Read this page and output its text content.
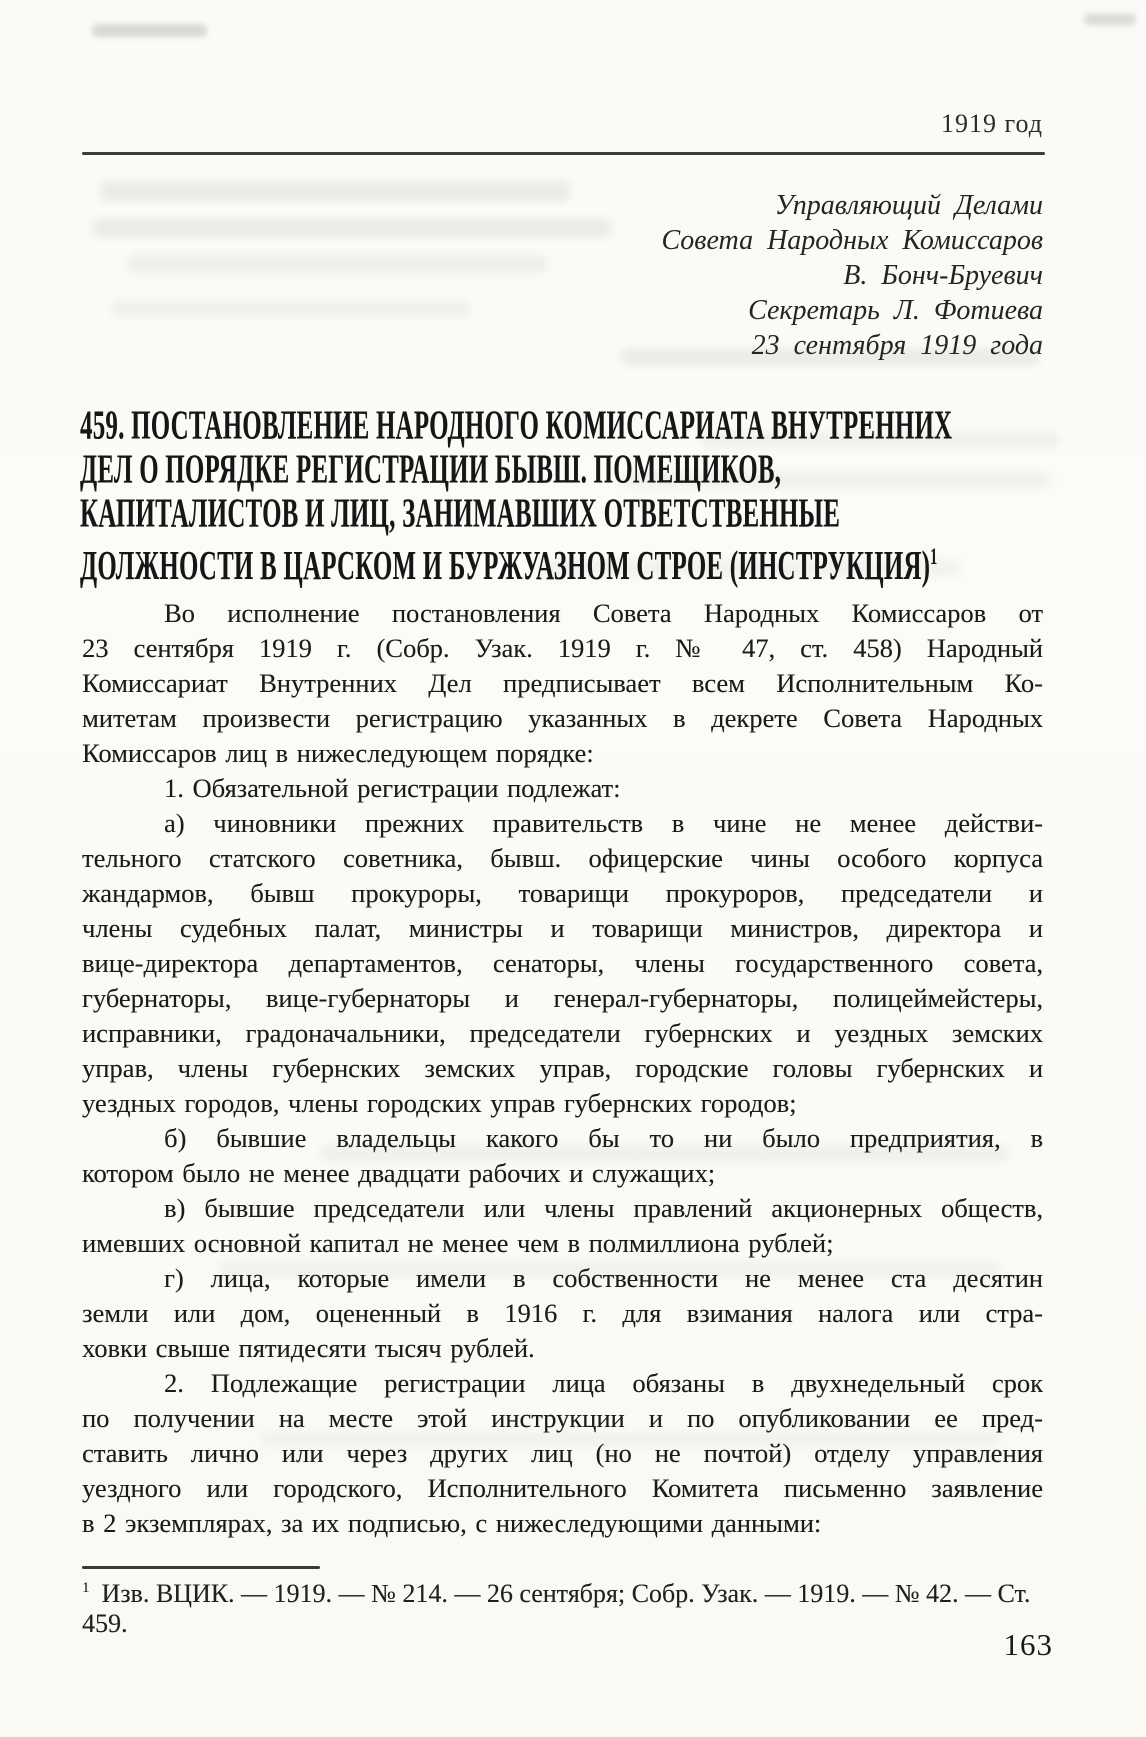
1919 год
Управляющий Делами
Совета Народных Комиссаров
В. Бонч-Бруевич
Секретарь Л. Фотиева
23 сентября 1919 года
459. ПОСТАНОВЛЕНИЕ НАРОДНОГО КОМИССАРИАТА ВНУТРЕННИХ
ДЕЛ О ПОРЯДКЕ РЕГИСТРАЦИИ БЫВШ. ПОМЕЩИКОВ,
КАПИТАЛИСТОВ И ЛИЦ, ЗАНИМАВШИХ ОТВЕТСТВЕННЫЕ
ДОЛЖНОСТИ В ЦАРСКОМ И БУРЖУАЗНОМ СТРОЕ (ИНСТРУКЦИЯ)$^1$
Во исполнение постановления Совета Народных Комиссаров от
23 сентября 1919 г. (Собр. Узак. 1919 г. № 47, ст. 458) Народный
Комиссариат Внутренних Дел предписывает всем Исполнительным Ко-
митетам произвести регистрацию указанных в декрете Совета Народных
Комиссаров лиц в нижеследующем порядке:
1. Обязательной регистрации подлежат:
а) чиновники прежних правительств в чине не менее действи-
тельного статского советника, бывш. офицерские чины особого корпуса
жандармов, бывш прокуроры, товарищи прокуроров, председатели и
члены судебных палат, министры и товарищи министров, директора и
вице-директора департаментов, сенаторы, члены государственного совета,
губернаторы, вице-губернаторы и генерал-губернаторы, полицеймейстеры,
исправники, градоначальники, председатели губернских и уездных земских
управ, члены губернских земских управ, городские головы губернских и
уездных городов, члены городских управ губернских городов;
б) бывшие владельцы какого бы то ни было предприятия, в
котором было не менее двадцати рабочих и служащих;
в) бывшие председатели или члены правлений акционерных обществ,
имевших основной капитал не менее чем в полмиллиона рублей;
г) лица, которые имели в собственности не менее ста десятин
земли или дом, оцененный в 1916 г. для взимания налога или стра-
ховки свыше пятидесяти тысяч рублей.
2. Подлежащие регистрации лица обязаны в двухнедельный срок
по получении на месте этой инструкции и по опубликовании ее пред-
ставить лично или через других лиц (но не почтой) отделу управления
уездного или городского, Исполнительного Комитета письменно заявление
в 2 экземплярах, за их подписью, с нижеследующими данными:
$^1$ Изв. ВЦИК. — 1919. — № 214. — 26 сентября; Собр. Узак. — 1919. — № 42. — Ст. 459.
163
